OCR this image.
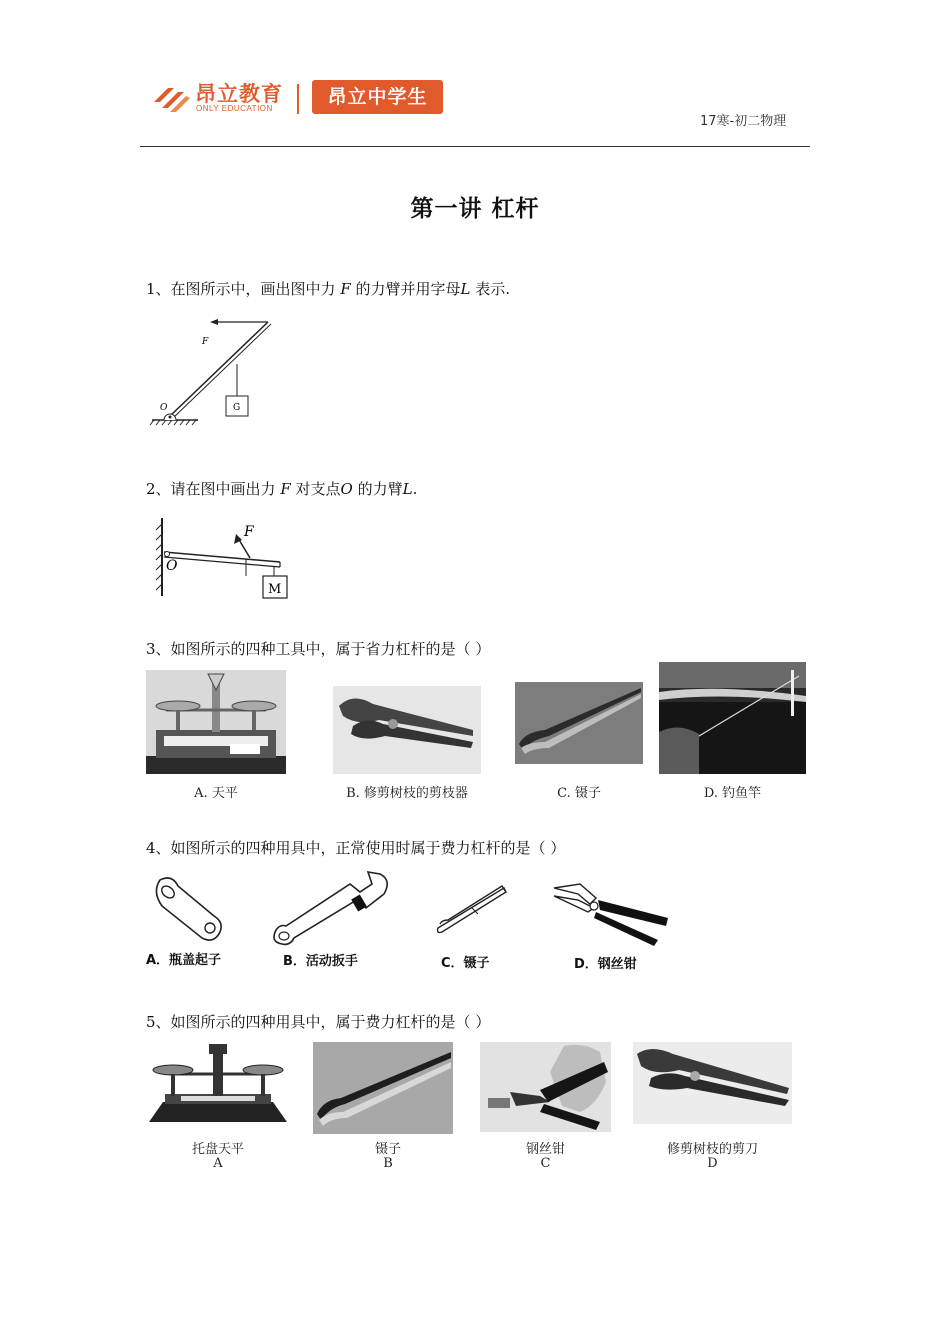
昂立教育
ONLY EDUCATION
昂立中学生
17寒-初二物理
第一讲 杠杆
1、在图所示中，画出图中力 F 的力臂并用字母L 表示.
F
O	G
2、请在图中画出力 F 对支点O 的力臂L.
F
O
M
3、如图所示的四种工具中，属于省力杠杆的是（ ）
A. 天平	B. 修剪树枝的剪枝器	C. 镊子	D. 钓鱼竿
4、如图所示的四种用具中，正常使用时属于费力杠杆的是（ ）
A．瓶盖起子	B．活动扳手	C．镊子	D．钢丝钳
5、如图所示的四种用具中，属于费力杠杆的是（ ）
托盘天平
A
镊子
B
钢丝钳
C
修剪树枝的剪刀
D
